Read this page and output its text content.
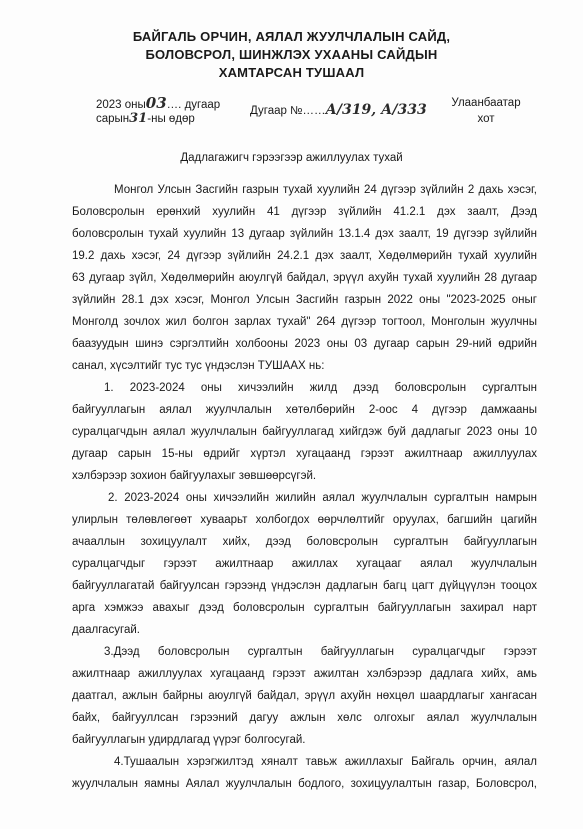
БАЙГАЛЬ ОРЧИН, АЯЛАЛ ЖУУЛЧЛАЛЫН САЙД,
БОЛОВСРОЛ, ШИНЖЛЭХ УХААНЫ САЙДЫН
ХАМТАРСАН ТУШААЛ
2023 оны03…. дугаар
сарын31-ны өдөр
Дугаар №……А/319, А/333	Улаанбаатар
хот
Дадлагажигч гэрээгээр ажиллуулах тухай
Монгол Улсын Засгийн газрын тухай хуулийн 24 дүгээр зүйлийн 2 дахь хэсэг,
Боловсролын ерөнхий хуулийн 41 дүгээр зүйлийн 41.2.1 дэх заалт, Дээд
боловсролын тухай хуулийн 13 дугаар зүйлийн 13.1.4 дэх заалт, 19 дүгээр зүйлийн
19.2 дахь хэсэг, 24 дүгээр зүйлийн 24.2.1 дэх заалт, Хөдөлмөрийн тухай хуулийн
63 дугаар зүйл, Хөдөлмөрийн аюулгүй байдал, эрүүл ахуйн тухай хуулийн 28 дугаар
зүйлийн 28.1 дэх хэсэг, Монгол Улсын Засгийн газрын 2022 оны "2023-2025 оныг
Монголд зочлох жил болгон зарлах тухай" 264 дүгээр тогтоол, Монголын жуулчны
баазуудын шинэ сэргэлтийн холбооны 2023 оны 03 дугаар сарын 29-ний өдрийн
санал, хүсэлтийг тус тус үндэслэн ТУШААХ нь:
1. 2023-2024 оны хичээлийн жилд дээд боловсролын сургалтын
байгууллагын аялал жуулчлалын хөтөлбөрийн 2-оос 4 дүгээр дамжааны
суралцагчдын аялал жуулчлалын байгууллагад хийгдэж буй дадлагыг 2023 оны 10
дугаар сарын 15-ны өдрийг хүртэл хугацаанд гэрээт ажилтнаар ажиллуулах
хэлбэрээр зохион байгуулахыг зөвшөөрсүгэй.
2. 2023-2024 оны хичээлийн жилийн аялал жуулчлалын сургалтын намрын
улирлын төлөвлөгөөт хуваарьт холбогдох өөрчлөлтийг оруулах, багшийн цагийн
ачааллын зохицуулалт хийх, дээд боловсролын сургалтын байгууллагын
суралцагчдыг гэрээт ажилтнаар ажиллах хугацааг аялал жуулчлалын
байгууллагатай байгуулсан гэрээнд үндэслэн дадлагын багц цагт дүйцүүлэн тооцох
арга хэмжээ авахыг дээд боловсролын сургалтын байгууллагын захирал нарт
даалгасугай.
3.Дээд боловсролын сургалтын байгууллагын суралцагчдыг гэрээт
ажилтнаар ажиллуулах хугацаанд гэрээт ажилтан хэлбэрээр дадлага хийх, амь
даатгал, ажлын байрны аюулгүй байдал, эрүүл ахуйн нөхцөл шаардлагыг хангасан
байх, байгууллсан гэрээний дагуу ажлын хөлс олгохыг аялал жуулчлалын
байгууллагын удирдлагад үүрэг болгосугай.
4.Тушаалын хэрэгжилтэд хяналт тавьж ажиллахыг Байгаль орчин, аялал
жуулчлалын яамны Аялал жуулчлалын бодлого, зохицуулалтын газар, Боловсрол,
